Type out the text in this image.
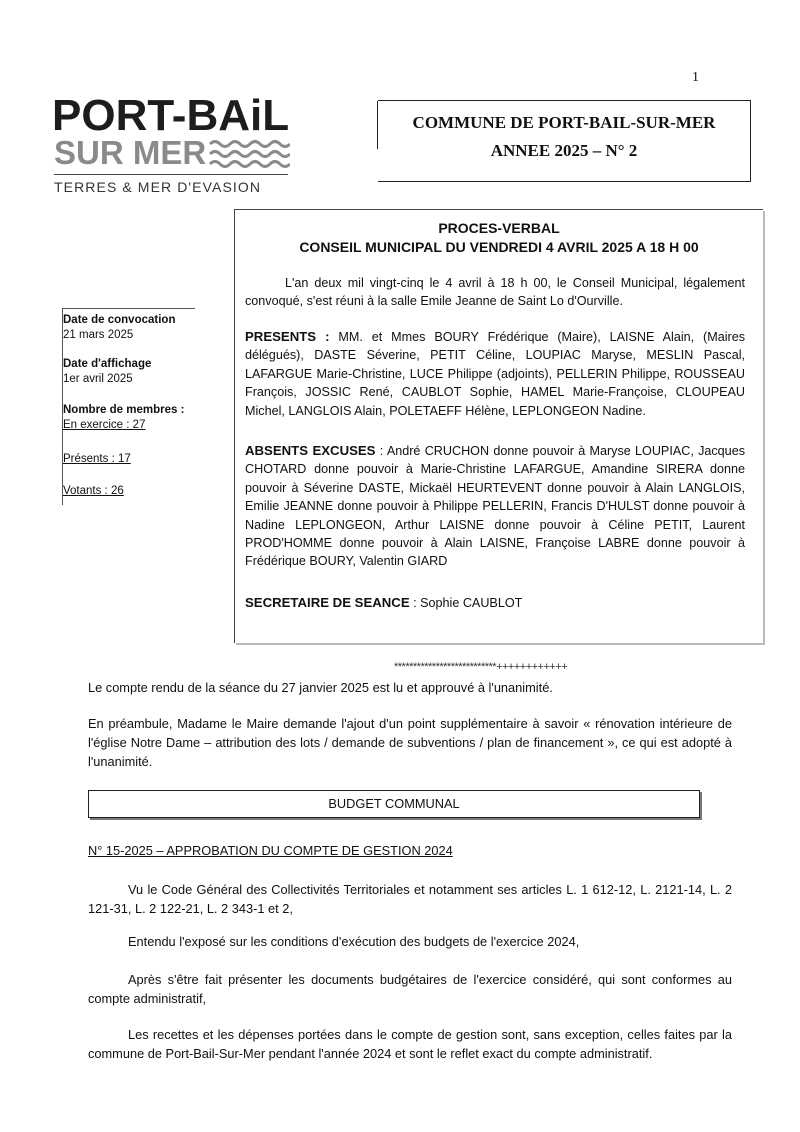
1
PORT-BAiL
SUR MER
TERRES & MER D'EVASION
COMMUNE DE PORT-BAIL-SUR-MER
ANNEE 2025 – N° 2
PROCES-VERBAL
CONSEIL MUNICIPAL DU VENDREDI 4 AVRIL 2025 A 18 H 00
L'an deux mil vingt-cinq le 4 avril à 18 h 00, le Conseil Municipal, légalement convoqué, s'est réuni à la salle Emile Jeanne de Saint Lo d'Ourville.
PRESENTS : MM. et Mmes BOURY Frédérique (Maire), LAISNE Alain, (Maires délégués), DASTE Séverine, PETIT Céline, LOUPIAC Maryse, MESLIN Pascal, LAFARGUE Marie-Christine, LUCE Philippe (adjoints), PELLERIN Philippe, ROUSSEAU François, JOSSIC René, CAUBLOT Sophie, HAMEL Marie-Françoise, CLOUPEAU Michel, LANGLOIS Alain, POLETAEFF Hélène, LEPLONGEON Nadine.
ABSENTS EXCUSES : André CRUCHON donne pouvoir à Maryse LOUPIAC, Jacques CHOTARD donne pouvoir à Marie-Christine LAFARGUE, Amandine SIRERA donne pouvoir à Séverine DASTE, Mickaël HEURTEVENT donne pouvoir à Alain LANGLOIS, Emilie JEANNE donne pouvoir à Philippe PELLERIN, Francis D'HULST donne pouvoir à Nadine LEPLONGEON, Arthur LAISNE donne pouvoir à Céline PETIT, Laurent PROD'HOMME donne pouvoir à Alain LAISNE, Françoise LABRE donne pouvoir à Frédérique BOURY, Valentin GIARD
SECRETAIRE DE SEANCE : Sophie CAUBLOT
Date de convocation
21 mars 2025
Date d'affichage
1er avril 2025
Nombre de membres :
En exercice : 27
Présents : 17
Votants : 26
***************************++++++++++++
Le compte rendu de la séance du 27 janvier 2025 est lu et approuvé à l'unanimité.
En préambule, Madame le Maire demande l'ajout d'un point supplémentaire à savoir « rénovation intérieure de l'église Notre Dame – attribution des lots / demande de subventions / plan de financement », ce qui est adopté à l'unanimité.
BUDGET COMMUNAL
N° 15-2025 – APPROBATION DU COMPTE DE GESTION 2024
Vu le Code Général des Collectivités Territoriales et notamment ses articles L. 1 612-12, L. 2121-14, L. 2 121-31, L. 2 122-21, L. 2 343-1 et 2,
Entendu l'exposé sur les conditions d'exécution des budgets de l'exercice 2024,
Après s'être fait présenter les documents budgétaires de l'exercice considéré, qui sont conformes au compte administratif,
Les recettes et les dépenses portées dans le compte de gestion sont, sans exception, celles faites par la commune de Port-Bail-Sur-Mer pendant l'année 2024 et sont le reflet exact du compte administratif.
